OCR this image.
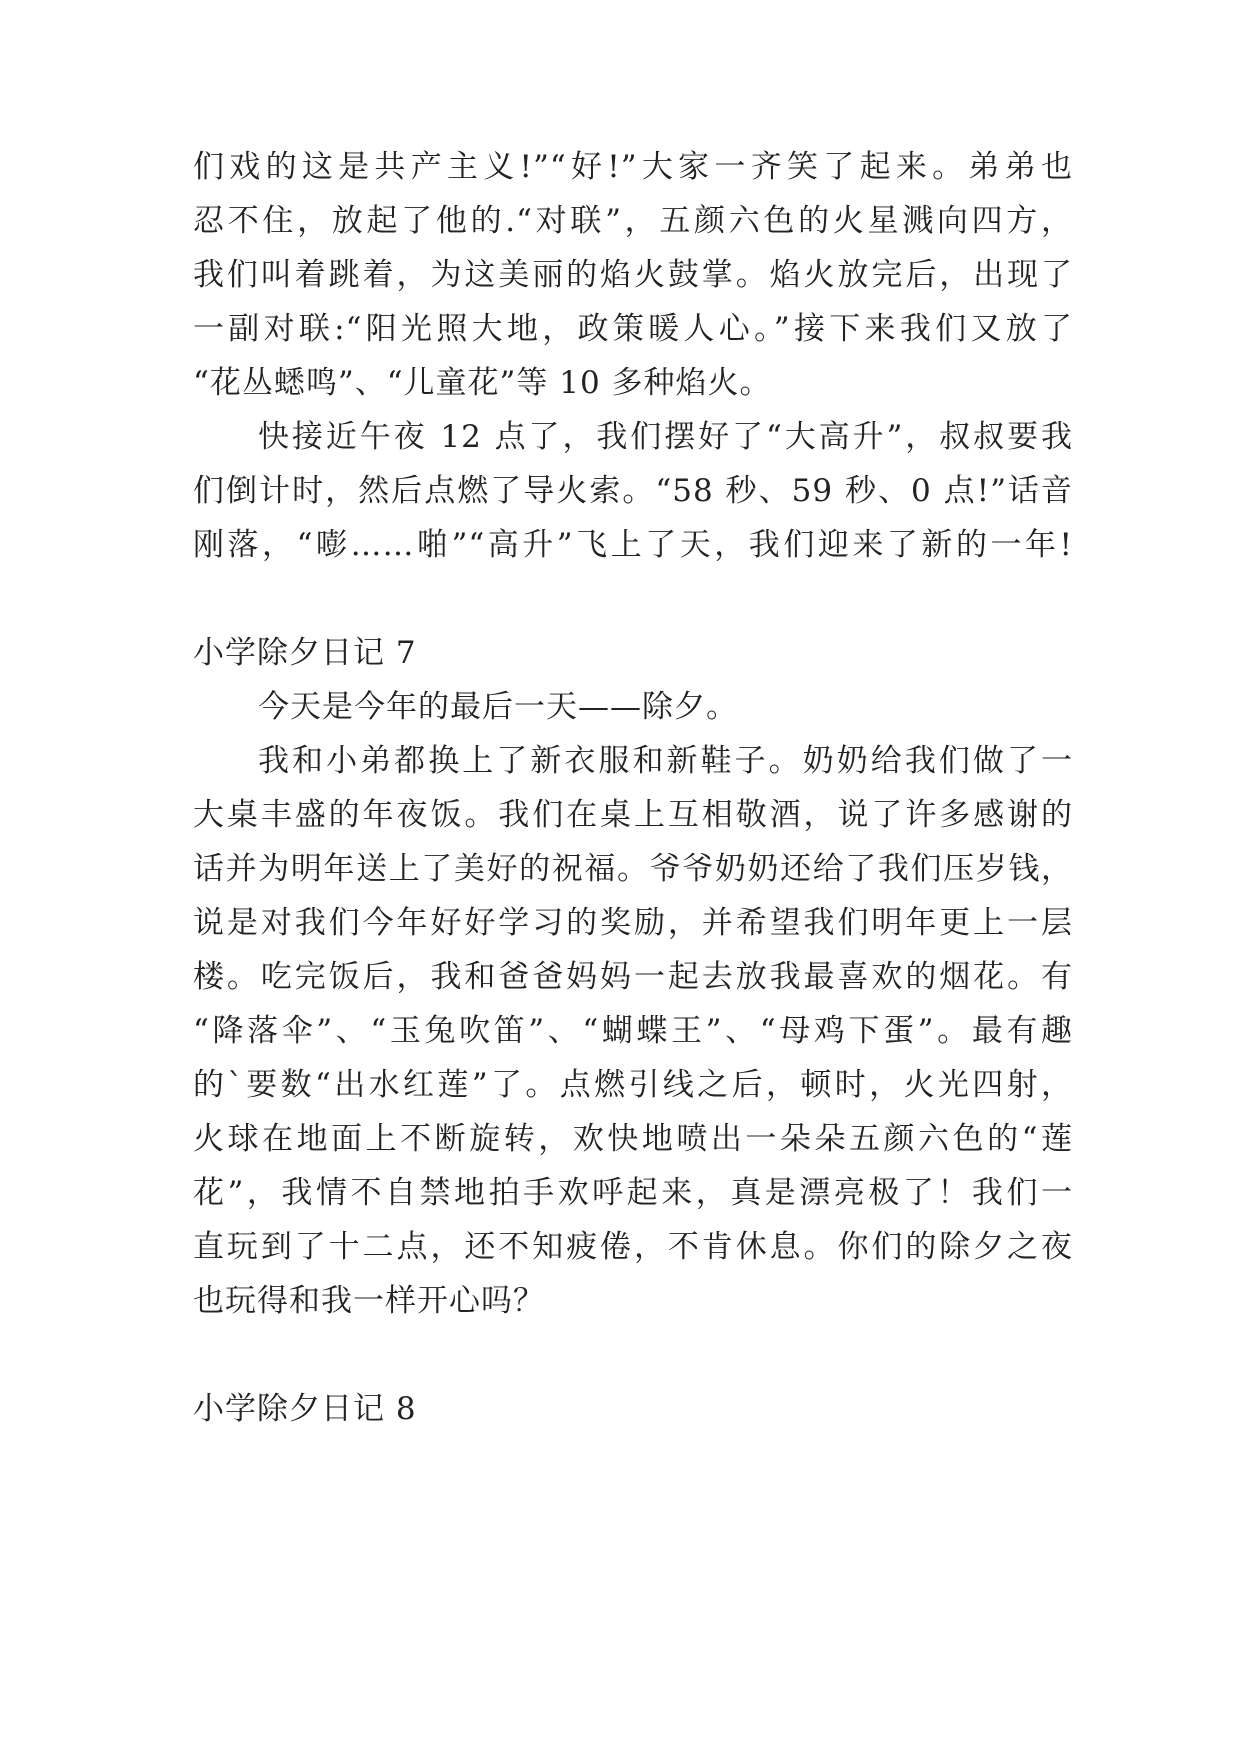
们戏的这是共产主义!”“好!”大家一齐笑了起来。弟弟也
忍不住，放起了他的.“对联”，五颜六色的火星溅向四方，
我们叫着跳着，为这美丽的焰火鼓掌。焰火放完后，出现了
一副对联:“阳光照大地，政策暖人心。”接下来我们又放了
“花丛蟋鸣”、“儿童花”等 10 多种焰火。
快接近午夜 12 点了，我们摆好了“大高升”，叔叔要我
们倒计时，然后点燃了导火索。“58 秒、59 秒、0 点!”话音
刚落，“嘭……啪”“高升”飞上了天，我们迎来了新的一年!
小学除夕日记 7
今天是今年的最后一天——除夕。
我和小弟都换上了新衣服和新鞋子。奶奶给我们做了一
大桌丰盛的年夜饭。我们在桌上互相敬酒，说了许多感谢的
话并为明年送上了美好的祝福。爷爷奶奶还给了我们压岁钱，
说是对我们今年好好学习的奖励，并希望我们明年更上一层
楼。吃完饭后，我和爸爸妈妈一起去放我最喜欢的烟花。有
“降落伞”、“玉兔吹笛”、“蝴蝶王”、“母鸡下蛋”。最有趣
的`要数“出水红莲”了。点燃引线之后，顿时，火光四射，
火球在地面上不断旋转，欢快地喷出一朵朵五颜六色的“莲
花”，我情不自禁地拍手欢呼起来，真是漂亮极了！我们一
直玩到了十二点，还不知疲倦，不肯休息。你们的除夕之夜
也玩得和我一样开心吗？
小学除夕日记 8
